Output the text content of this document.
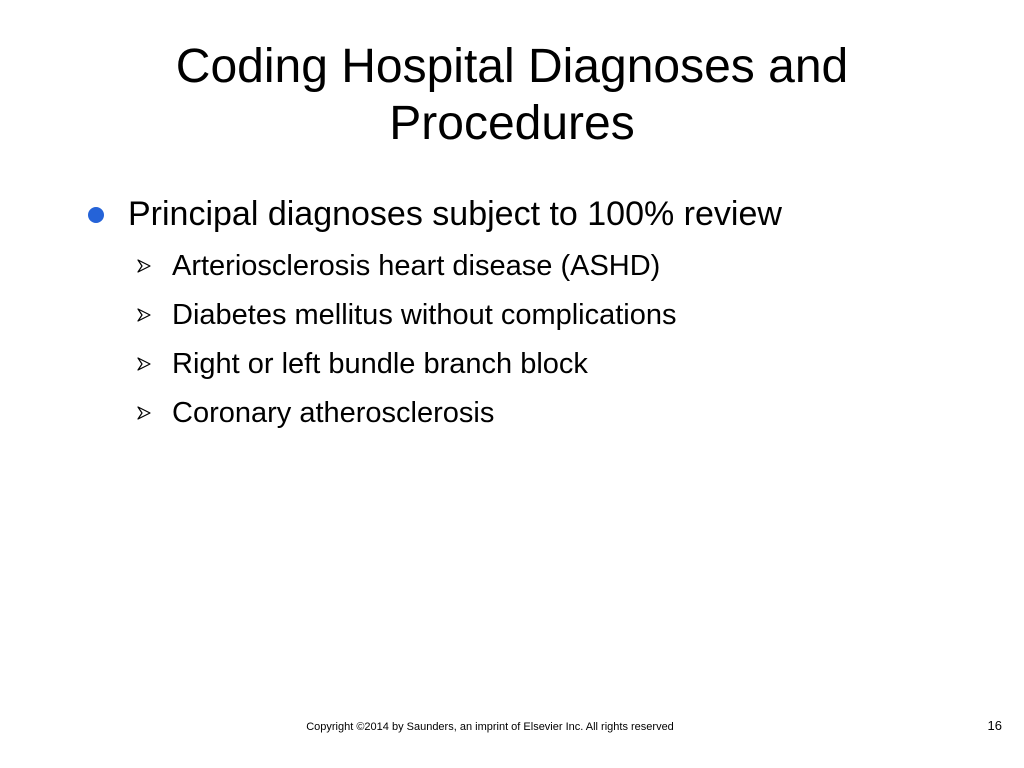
Coding Hospital Diagnoses and Procedures
Principal diagnoses subject to 100% review
Arteriosclerosis heart disease (ASHD)
Diabetes mellitus without complications
Right or left bundle branch block
Coronary atherosclerosis
Copyright ©2014 by Saunders, an imprint of Elsevier Inc. All rights reserved	16
